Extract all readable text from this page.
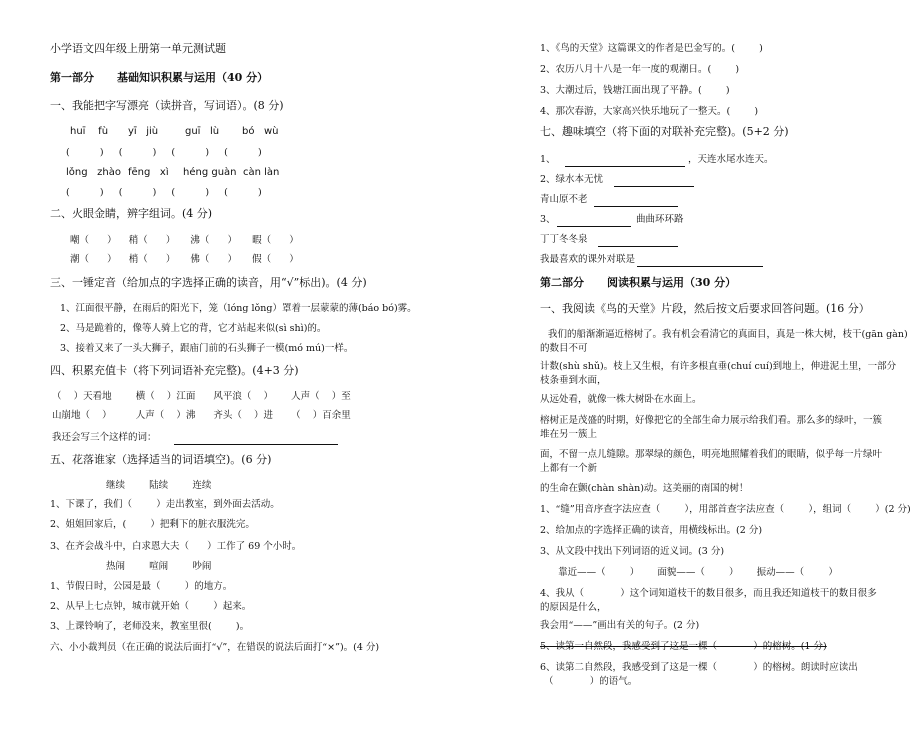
小学语文四年级上册第一单元测试题
第一部分      基础知识积累与运用（40 分）
一、我能把字写漂亮（读拼音，写词语）。(8 分)
huī    fù yī   jiù	guī   lù bó   wù
(          )     (          )     (          )     (          )
lǒng   zhào fēng   xì héng guàn càn làn
(          )     (          )     (          )     (          )
二、火眼金睛，辨字组词。(4 分)
嘲（      ）    稍（      ）     沸（      ）     暇（      ）
潮（      ）    梢（      ）     佛（      ）     假（      ）
三、一锤定音（给加点的字选择正确的读音，用“√”标出)。(4 分)
1、江面很平静，在雨后的阳光下，笼（lóng lǒng）罩着一层蒙蒙的薄(báo bó)雾。
2、马是跪着的，像等人骑上它的背，它才站起来似(sì shì)的。
3、接着又来了一头大狮子，跟庙门前的石头狮子一模(mó mú)一样。
四、积累充值卡（将下列词语补充完整)。(4+3 分)
（    ）天看地        横（    ）江面      风平浪（    ）      人声（    ）至
山崩地（    ）        人声（    ）沸      齐头（    ）进      （    ）百余里
我还会写三个这样的词：
五、花落谁家（选择适当的词语填空)。(6 分)
继续        陆续        连续
1、下课了，我们（        ）走出教室，到外面去活动。
2、姐姐回家后，(        ）把剩下的脏衣服洗完。
3、在齐会战斗中，白求恩大夫（      ）工作了 69 个小时。
热闹        喧闹        吵闹
1、节假日时，公园是最（        ）的地方。
2、从早上七点钟，城市就开始（        ）起来。
3、上课铃响了，老师没来，教室里很(        )。
六、小小裁判员（在正确的说法后面打“√”，在错误的说法后面打“×”)。(4 分)
1、《鸟的天堂》这篇课文的作者是巴金写的。(        )
2、农历八月十八是一年一度的观潮日。(        )
3、大潮过后，钱塘江面出现了平静。(        )
4、那次春游，大家高兴快乐地玩了一整天。(        )
七、趣味填空（将下面的对联补充完整)。(5+2 分)
1、	，天连水尾水连天。
2、绿水本无忧
青山原不老
3、	曲曲环环路
丁丁冬冬泉
我最喜欢的课外对联是
第二部分      阅读积累与运用（30 分）
一、我阅读《鸟的天堂》片段，然后按文后要求回答问题。(16 分）
我们的船渐渐逼近榕树了。我有机会看清它的真面目，真是一株大树，枝干(gān gàn)
的数目不可
计数(shù shǔ)。枝上又生根，有许多根直垂(chuí cuí)到地上，伸进泥土里，一部分
枝条垂到水面，
从远处看，就像一株大树卧在水面上。
榕树正是茂盛的时期，好像把它的全部生命力展示给我们看。那么多的绿叶，一簇
堆在另一簇上
面，不留一点儿缝隙。那翠绿的颜色，明亮地照耀着我们的眼睛，似乎每一片绿叶
上都有一个新
的生命在颤(chàn shàn)动。这美丽的南国的树！
1、“缝”用音序查字法应查（        ），用部首查字法应查（        ），组词（        ）(2 分)
2、给加点的字选择正确的读音，用横线标出。(2 分)
3、从文段中找出下列词语的近义词。(3 分)
靠近——（        ）      面貌——（        ）      振动——（        ）
4、我从（            ）这个词知道枝干的数目很多，而且我还知道枝干的数目很多
的原因是什么，
我会用“——”画出有关的句子。(2 分)
5、读第一自然段，我感受到了这是一棵（            ）的榕树。(1 分)
6、读第二自然段，我感受到了这是一棵（            ）的榕树。朗读时应读出
（            ）的语气。
